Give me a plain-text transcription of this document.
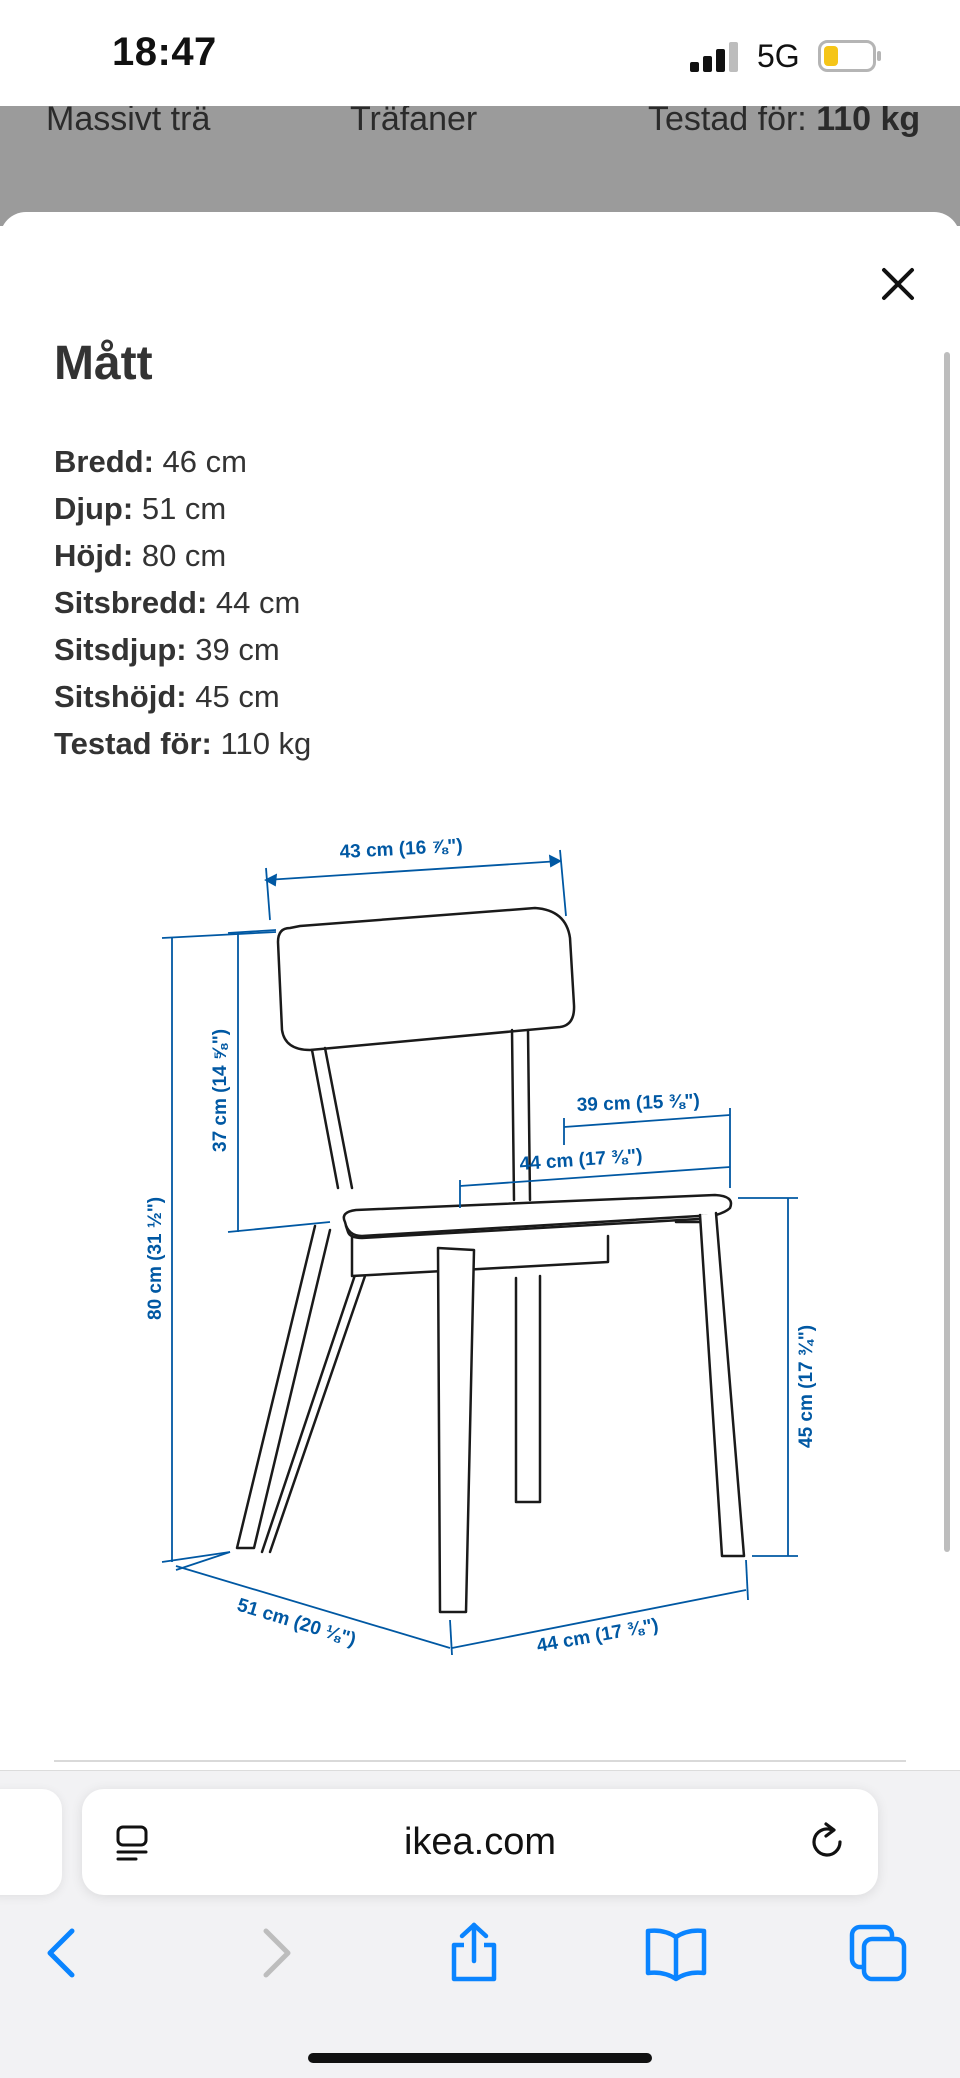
18:47	5G
Massivt trä	Träfaner	Testad för: 110 kg
Mått
Bredd: 46 cm
Djup: 51 cm
Höjd: 80 cm
Sitsbredd: 44 cm
Sitsdjup: 39 cm
Sitshöjd: 45 cm
Testad för: 110 kg
43 cm (16 ⅞")
37 cm (14 ⅝")
80 cm (31 ½")
39 cm (15 ⅜")
44 cm (17 ⅜")
45 cm (17 ¾")
51 cm (20 ⅛")	44 cm (17 ⅜")
ikea.com
